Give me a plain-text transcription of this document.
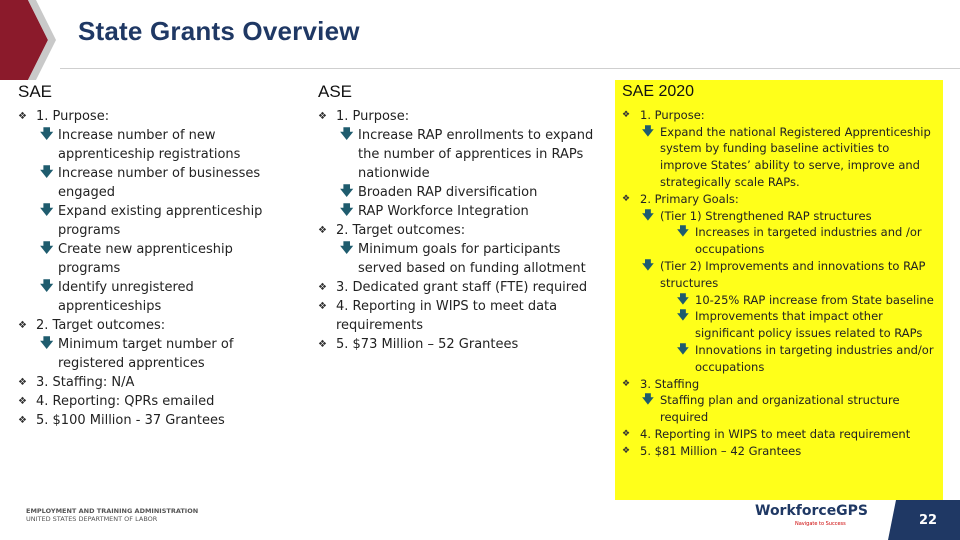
State Grants Overview
SAE
❖ 1. Purpose:
🡇 Increase number of new apprenticeship registrations
🡇 Increase number of businesses engaged
🡇 Expand existing apprenticeship programs
🡇 Create new apprenticeship programs
🡇 Identify unregistered apprenticeships
❖ 2. Target outcomes:
🡇 Minimum target number of registered apprentices
❖ 3. Staffing: N/A
❖ 4. Reporting: QPRs emailed
❖ 5. $100 Million - 37 Grantees
ASE
❖ 1. Purpose:
🡇 Increase RAP enrollments to expand the number of apprentices in RAPs nationwide
🡇 Broaden RAP diversification
🡇 RAP Workforce Integration
❖ 2. Target outcomes:
🡇 Minimum goals for participants served based on funding allotment
❖ 3. Dedicated grant staff (FTE) required
❖ 4. Reporting in WIPS to meet data requirements
❖ 5. $73 Million – 52 Grantees
SAE 2020
❖ 1. Purpose:
🡇 Expand the national Registered Apprenticeship system by funding baseline activities to improve States’ ability to serve, improve and strategically scale RAPs.
❖ 2. Primary Goals:
🡇 (Tier 1) Strengthened RAP structures
🡇 Increases in targeted industries and /or occupations
🡇 (Tier 2) Improvements and innovations to RAP structures
🡇 10-25% RAP increase from State baseline
🡇 Improvements that impact other significant policy issues related to RAPs
🡇 Innovations in targeting industries and/or occupations
❖ 3. Staffing
🡇 Staffing plan and organizational structure required
❖ 4. Reporting in WIPS to meet data requirement
❖ 5. $81 Million – 42 Grantees
EMPLOYMENT AND TRAINING ADMINISTRATION
UNITED STATES DEPARTMENT OF LABOR	WorkforceGPS
Navigate to Success	22
